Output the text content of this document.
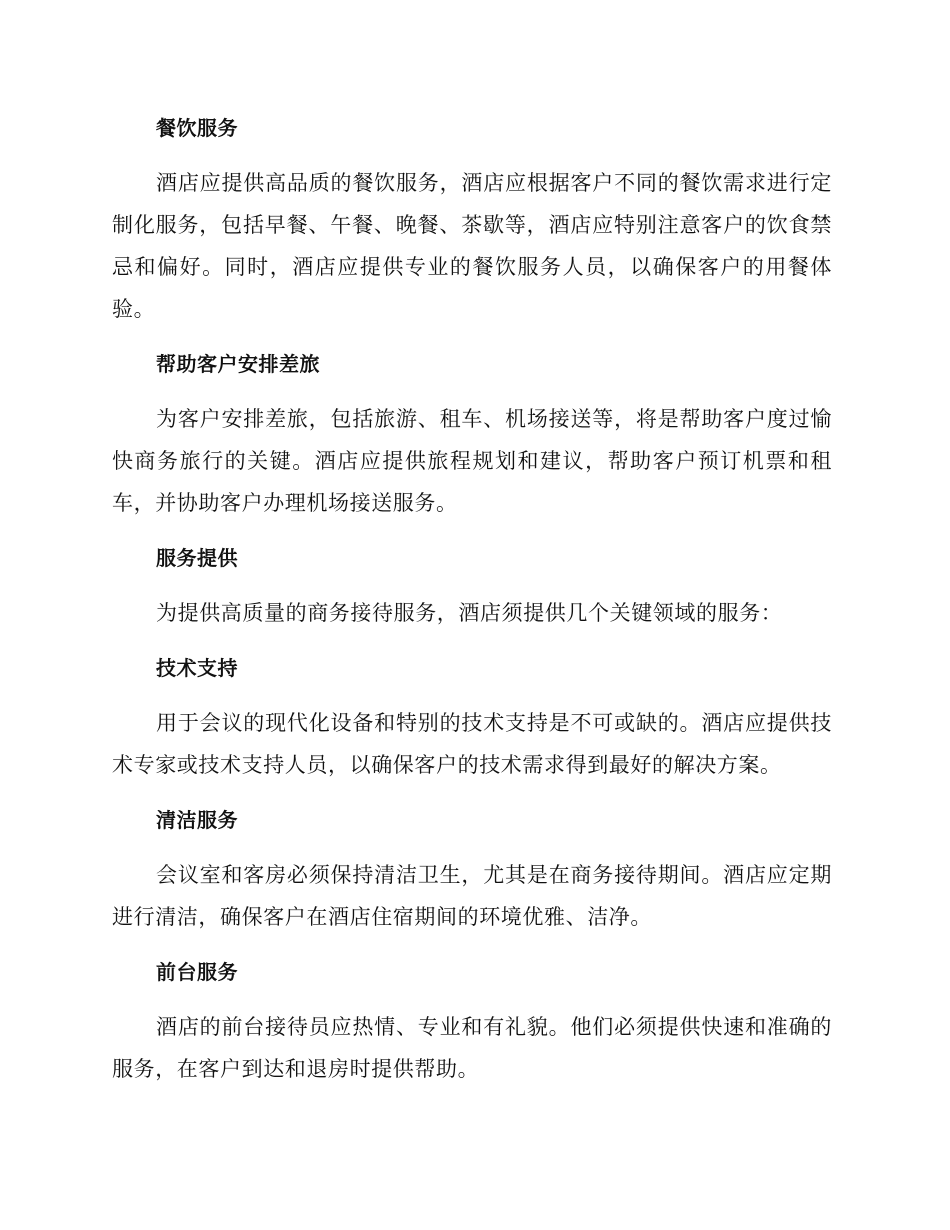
餐饮服务

酒店应提供高品质的餐饮服务，酒店应根据客户不同的餐饮需求进行定制化服务，包括早餐、午餐、晚餐、茶歇等，酒店应特别注意客户的饮食禁忌和偏好。同时，酒店应提供专业的餐饮服务人员，以确保客户的用餐体验。

帮助客户安排差旅

为客户安排差旅，包括旅游、租车、机场接送等，将是帮助客户度过愉快商务旅行的关键。酒店应提供旅程规划和建议，帮助客户预订机票和租车，并协助客户办理机场接送服务。

服务提供

为提供高质量的商务接待服务，酒店须提供几个关键领域的服务：

技术支持

用于会议的现代化设备和特别的技术支持是不可或缺的。酒店应提供技术专家或技术支持人员，以确保客户的技术需求得到最好的解决方案。

清洁服务

会议室和客房必须保持清洁卫生，尤其是在商务接待期间。酒店应定期进行清洁，确保客户在酒店住宿期间的环境优雅、洁净。

前台服务

酒店的前台接待员应热情、专业和有礼貌。他们必须提供快速和准确的服务，在客户到达和退房时提供帮助。
